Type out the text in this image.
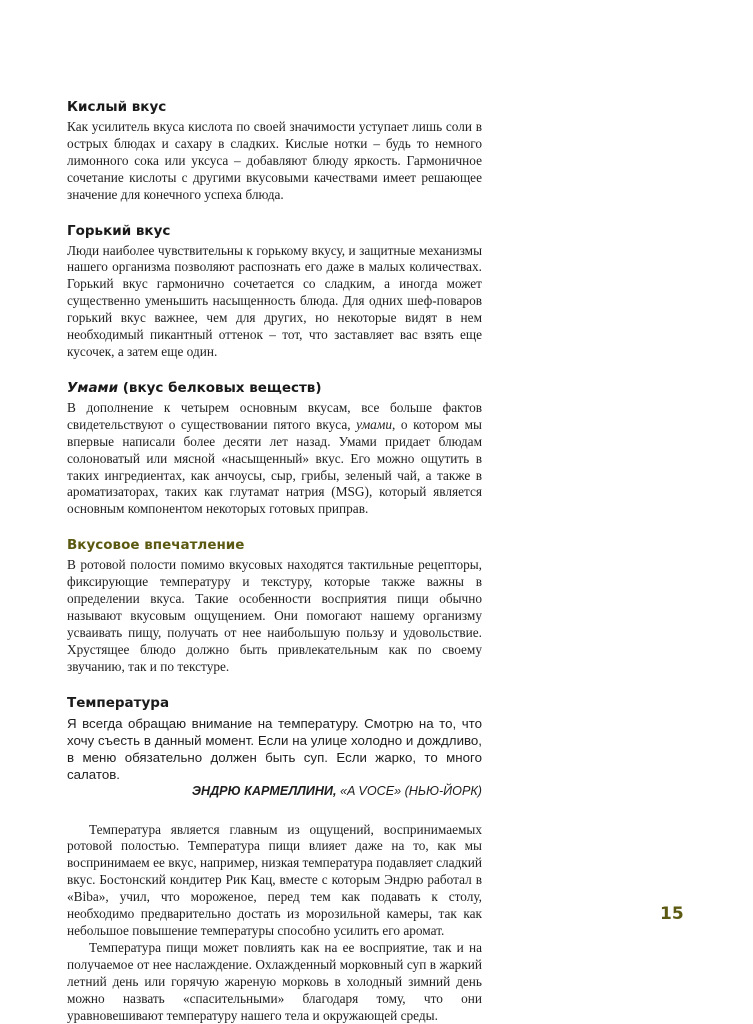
Кислый вкус

Как усилитель вкуса кислота по своей значимости уступает лишь соли в острых блюдах и сахару в сладких. Кислые нотки – будь то немного лимонного сока или уксуса – добавляют блюду яркость. Гармоничное сочетание кислоты с другими вкусовыми качествами имеет решающее значение для конечного успеха блюда.

Горький вкус

Люди наиболее чувствительны к горькому вкусу, и защитные механизмы нашего организма позволяют распознать его даже в малых количествах. Горький вкус гармонично сочетается со сладким, а иногда может существенно уменьшить насыщенность блюда. Для одних шеф-поваров горький вкус важнее, чем для других, но некоторые видят в нем необходимый пикантный оттенок – тот, что заставляет вас взять еще кусочек, а затем еще один.

Умами (вкус белковых веществ)

В дополнение к четырем основным вкусам, все больше фактов свидетельствуют о существовании пятого вкуса, умами, о котором мы впервые написали более десяти лет назад. Умами придает блюдам солоноватый или мясной «насыщенный» вкус. Его можно ощутить в таких ингредиентах, как анчоусы, сыр, грибы, зеленый чай, а также в ароматизаторах, таких как глутамат натрия (MSG), который является основным компонентом некоторых готовых приправ.

Вкусовое впечатление

В ротовой полости помимо вкусовых находятся тактильные рецепторы, фиксирующие температуру и текстуру, которые также важны в определении вкуса. Такие особенности восприятия пищи обычно называют вкусовым ощущением. Они помогают нашему организму усваивать пищу, получать от нее наибольшую пользу и удовольствие. Хрустящее блюдо должно быть привлекательным как по своему звучанию, так и по текстуре.

Температура

Я всегда обращаю внимание на температуру. Смотрю на то, что хочу съесть в данный момент. Если на улице холодно и дождливо, в меню обязательно должен быть суп. Если жарко, то много салатов.

ЭНДРЮ КАРМЕЛЛИНИ, «A VOCE» (НЬЮ-ЙОРК)

Температура является главным из ощущений, воспринимаемых ротовой полостью. Температура пищи влияет даже на то, как мы воспринимаем ее вкус, например, низкая температура подавляет сладкий вкус. Бостонский кондитер Рик Кац, вместе с которым Эндрю работал в «Biba», учил, что мороженое, перед тем как подавать к столу, необходимо предварительно достать из морозильной камеры, так как небольшое повышение температуры способно усилить его аромат.

Температура пищи может повлиять как на ее восприятие, так и на получаемое от нее наслаждение. Охлажденный морковный суп в жаркий летний день или горячую жареную морковь в холодный зимний день можно назвать «спасительными» благодаря тому, что они уравновешивают температуру нашего тела и окружающей среды.

15
